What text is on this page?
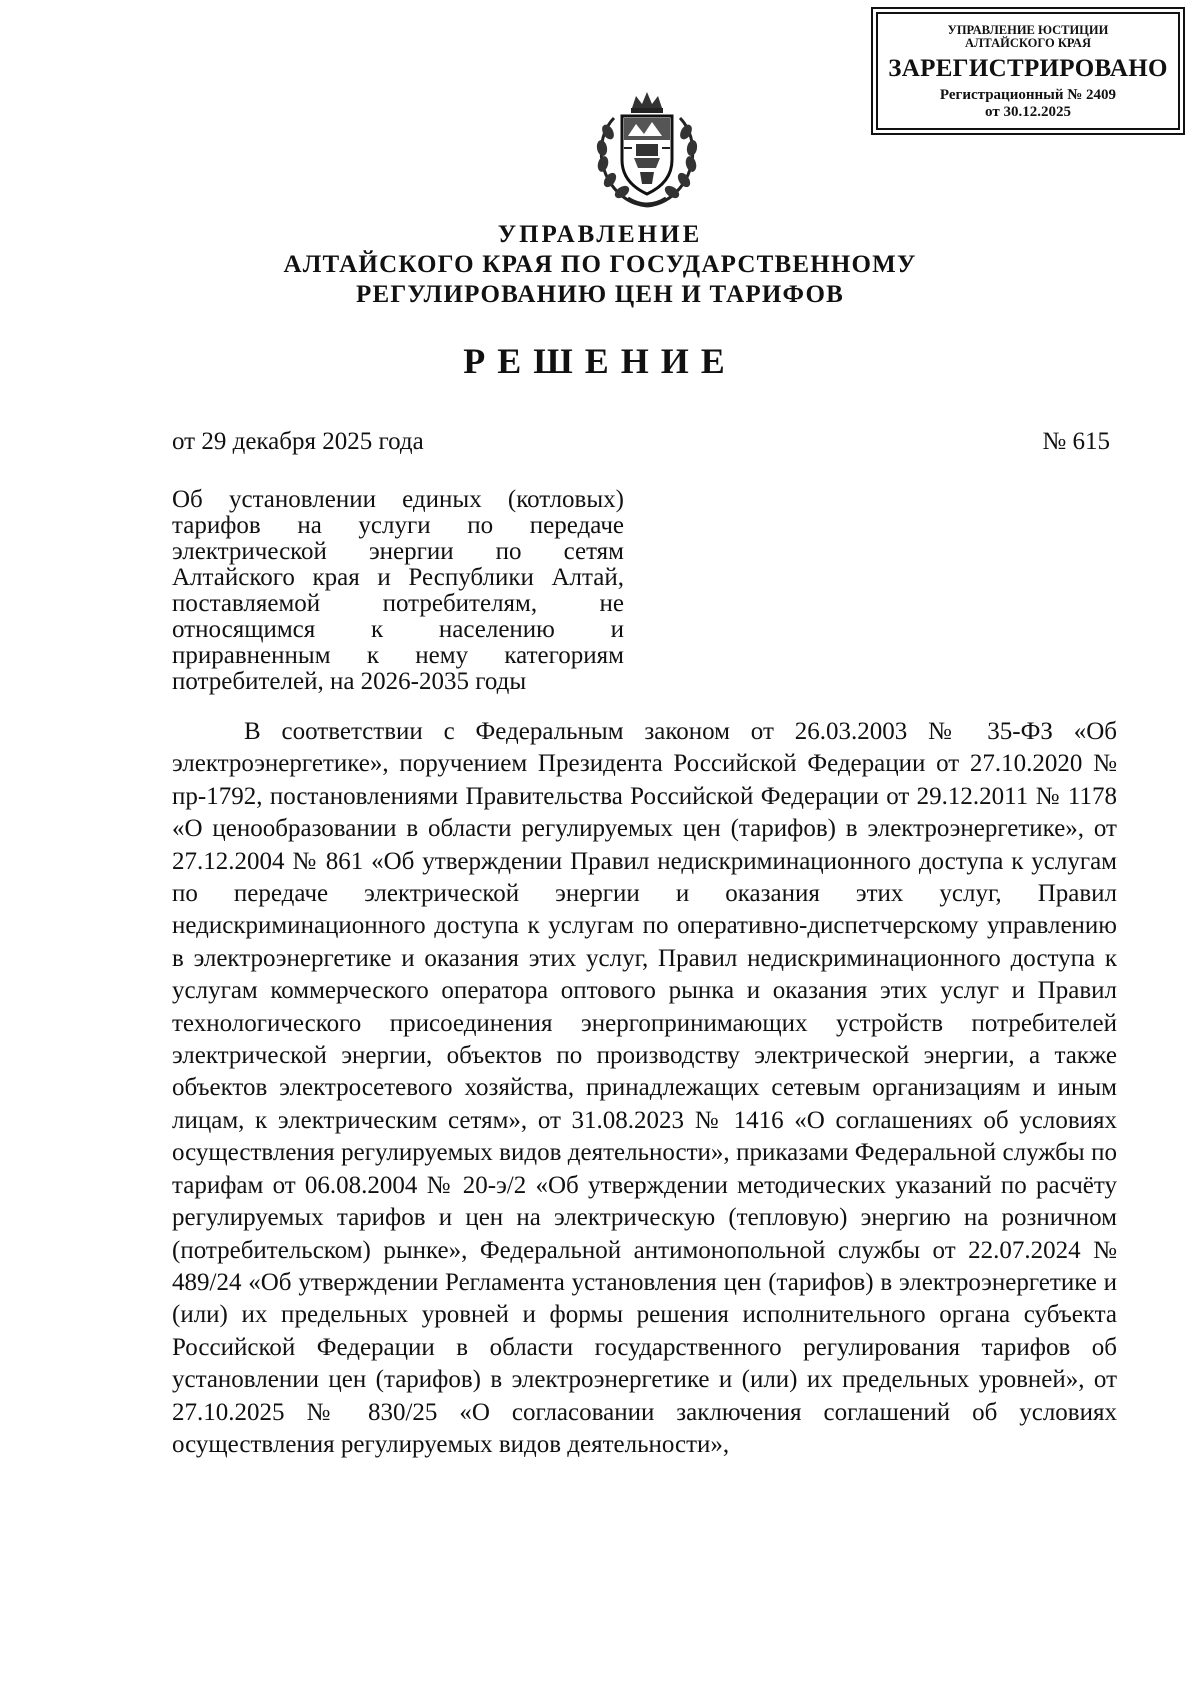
УПРАВЛЕНИЕ ЮСТИЦИИ
АЛТАЙСКОГО КРАЯ
ЗАРЕГИСТРИРОВАНО
Регистрационный № 2409
от 30.12.2025
УПРАВЛЕНИЕ
АЛТАЙСКОГО КРАЯ ПО ГОСУДАРСТВЕННОМУ
РЕГУЛИРОВАНИЮ ЦЕН И ТАРИФОВ
РЕШЕНИЕ
от 29 декабря 2025 года	№ 615
Об установлении единых (котловых) тарифов на услуги по передаче электрической энергии по сетям Алтайского края и Республики Алтай, поставляемой потребителям, не относящимся к населению и приравненным к нему категориям потребителей, на 2026-2035 годы

В соответствии с Федеральным законом от 26.03.2003 № 35-ФЗ «Об электроэнергетике», поручением Президента Российской Федерации от 27.10.2020 № пр-1792, постановлениями Правительства Российской Федерации от 29.12.2011 № 1178 «О ценообразовании в области регулируемых цен (тарифов) в электроэнергетике», от 27.12.2004 № 861 «Об утверждении Правил недискриминационного доступа к услугам по передаче электрической энергии и оказания этих услуг, Правил недискриминационного доступа к услугам по оперативно-диспетчерскому управлению в электроэнергетике и оказания этих услуг, Правил недискриминационного доступа к услугам коммерческого оператора оптового рынка и оказания этих услуг и Правил технологического присоединения энергопринимающих устройств потребителей электрической энергии, объектов по производству электрической энергии, а также объектов электросетевого хозяйства, принадлежащих сетевым организациям и иным лицам, к электрическим сетям», от 31.08.2023 № 1416 «О соглашениях об условиях осуществления регулируемых видов деятельности», приказами Федеральной службы по тарифам от 06.08.2004 № 20-э/2 «Об утверждении методических указаний по расчёту регулируемых тарифов и цен на электрическую (тепловую) энергию на розничном (потребительском) рынке», Федеральной антимонопольной службы от 22.07.2024 № 489/24 «Об утверждении Регламента установления цен (тарифов) в электроэнергетике и (или) их предельных уровней и формы решения исполнительного органа субъекта Российской Федерации в области государственного регулирования тарифов об установлении цен (тарифов) в электроэнергетике и (или) их предельных уровней», от 27.10.2025 № 830/25 «О согласовании заключения соглашений об условиях осуществления регулируемых видов деятельности»,
